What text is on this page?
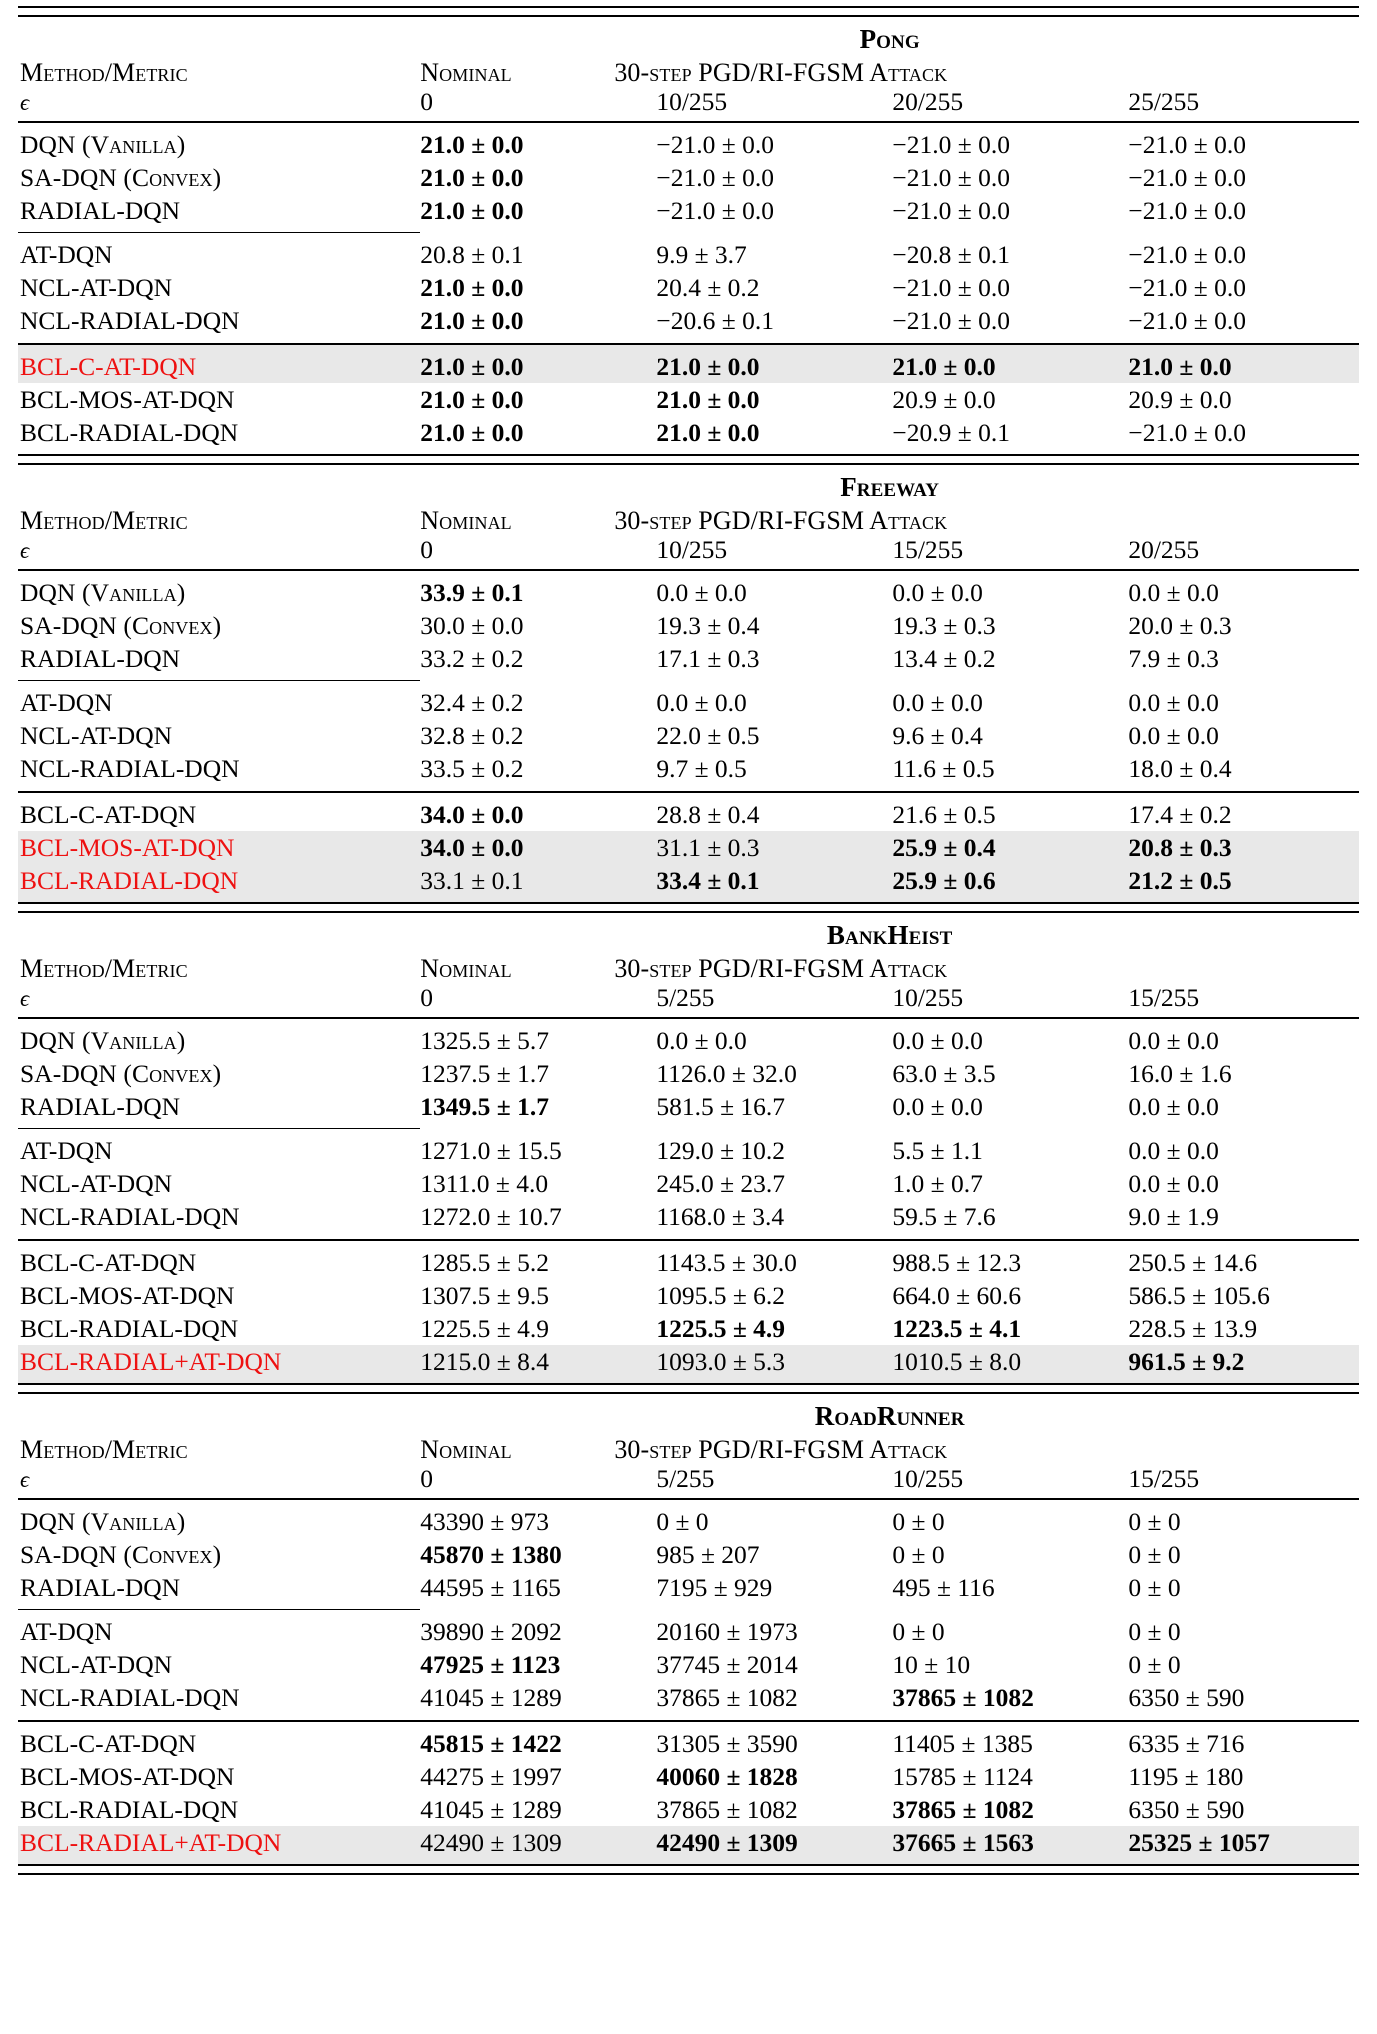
	Pong			
Method/Metric	Nominal	30-step PGD/RI-FGSM Attack		
ϵ	0	10/255	20/255	25/255

DQN (Vanilla)	21.0 ± 0.0	−21.0 ± 0.0	−21.0 ± 0.0	−21.0 ± 0.0
SA-DQN (Convex)	21.0 ± 0.0	−21.0 ± 0.0	−21.0 ± 0.0	−21.0 ± 0.0
RADIAL-DQN	21.0 ± 0.0	−21.0 ± 0.0	−21.0 ± 0.0	−21.0 ± 0.0

AT-DQN	20.8 ± 0.1	9.9 ± 3.7	−20.8 ± 0.1	−21.0 ± 0.0
NCL-AT-DQN	21.0 ± 0.0	20.4 ± 0.2	−21.0 ± 0.0	−21.0 ± 0.0
NCL-RADIAL-DQN	21.0 ± 0.0	−20.6 ± 0.1	−21.0 ± 0.0	−21.0 ± 0.0

BCL-C-AT-DQN	21.0 ± 0.0	21.0 ± 0.0	21.0 ± 0.0	21.0 ± 0.0
BCL-MOS-AT-DQN	21.0 ± 0.0	21.0 ± 0.0	20.9 ± 0.0	20.9 ± 0.0
BCL-RADIAL-DQN	21.0 ± 0.0	21.0 ± 0.0	−20.9 ± 0.1	−21.0 ± 0.0

	Freeway			
Method/Metric	Nominal	30-step PGD/RI-FGSM Attack		
ϵ	0	10/255	15/255	20/255

DQN (Vanilla)	33.9 ± 0.1	0.0 ± 0.0	0.0 ± 0.0	0.0 ± 0.0
SA-DQN (Convex)	30.0 ± 0.0	19.3 ± 0.4	19.3 ± 0.3	20.0 ± 0.3
RADIAL-DQN	33.2 ± 0.2	17.1 ± 0.3	13.4 ± 0.2	7.9 ± 0.3

AT-DQN	32.4 ± 0.2	0.0 ± 0.0	0.0 ± 0.0	0.0 ± 0.0
NCL-AT-DQN	32.8 ± 0.2	22.0 ± 0.5	9.6 ± 0.4	0.0 ± 0.0
NCL-RADIAL-DQN	33.5 ± 0.2	9.7 ± 0.5	11.6 ± 0.5	18.0 ± 0.4

BCL-C-AT-DQN	34.0 ± 0.0	28.8 ± 0.4	21.6 ± 0.5	17.4 ± 0.2
BCL-MOS-AT-DQN	34.0 ± 0.0	31.1 ± 0.3	25.9 ± 0.4	20.8 ± 0.3
BCL-RADIAL-DQN	33.1 ± 0.1	33.4 ± 0.1	25.9 ± 0.6	21.2 ± 0.5

	BankHeist			
Method/Metric	Nominal	30-step PGD/RI-FGSM Attack		
ϵ	0	5/255	10/255	15/255

DQN (Vanilla)	1325.5 ± 5.7	0.0 ± 0.0	0.0 ± 0.0	0.0 ± 0.0
SA-DQN (Convex)	1237.5 ± 1.7	1126.0 ± 32.0	63.0 ± 3.5	16.0 ± 1.6
RADIAL-DQN	1349.5 ± 1.7	581.5 ± 16.7	0.0 ± 0.0	0.0 ± 0.0

AT-DQN	1271.0 ± 15.5	129.0 ± 10.2	5.5 ± 1.1	0.0 ± 0.0
NCL-AT-DQN	1311.0 ± 4.0	245.0 ± 23.7	1.0 ± 0.7	0.0 ± 0.0
NCL-RADIAL-DQN	1272.0 ± 10.7	1168.0 ± 3.4	59.5 ± 7.6	9.0 ± 1.9

BCL-C-AT-DQN	1285.5 ± 5.2	1143.5 ± 30.0	988.5 ± 12.3	250.5 ± 14.6
BCL-MOS-AT-DQN	1307.5 ± 9.5	1095.5 ± 6.2	664.0 ± 60.6	586.5 ± 105.6
BCL-RADIAL-DQN	1225.5 ± 4.9	1225.5 ± 4.9	1223.5 ± 4.1	228.5 ± 13.9
BCL-RADIAL+AT-DQN	1215.0 ± 8.4	1093.0 ± 5.3	1010.5 ± 8.0	961.5 ± 9.2

	RoadRunner			
Method/Metric	Nominal	30-step PGD/RI-FGSM Attack		
ϵ	0	5/255	10/255	15/255

DQN (Vanilla)	43390 ± 973	0 ± 0	0 ± 0	0 ± 0
SA-DQN (Convex)	45870 ± 1380	985 ± 207	0 ± 0	0 ± 0
RADIAL-DQN	44595 ± 1165	7195 ± 929	495 ± 116	0 ± 0

AT-DQN	39890 ± 2092	20160 ± 1973	0 ± 0	0 ± 0
NCL-AT-DQN	47925 ± 1123	37745 ± 2014	10 ± 10	0 ± 0
NCL-RADIAL-DQN	41045 ± 1289	37865 ± 1082	37865 ± 1082	6350 ± 590

BCL-C-AT-DQN	45815 ± 1422	31305 ± 3590	11405 ± 1385	6335 ± 716
BCL-MOS-AT-DQN	44275 ± 1997	40060 ± 1828	15785 ± 1124	1195 ± 180
BCL-RADIAL-DQN	41045 ± 1289	37865 ± 1082	37865 ± 1082	6350 ± 590
BCL-RADIAL+AT-DQN	42490 ± 1309	42490 ± 1309	37665 ± 1563	25325 ± 1057
